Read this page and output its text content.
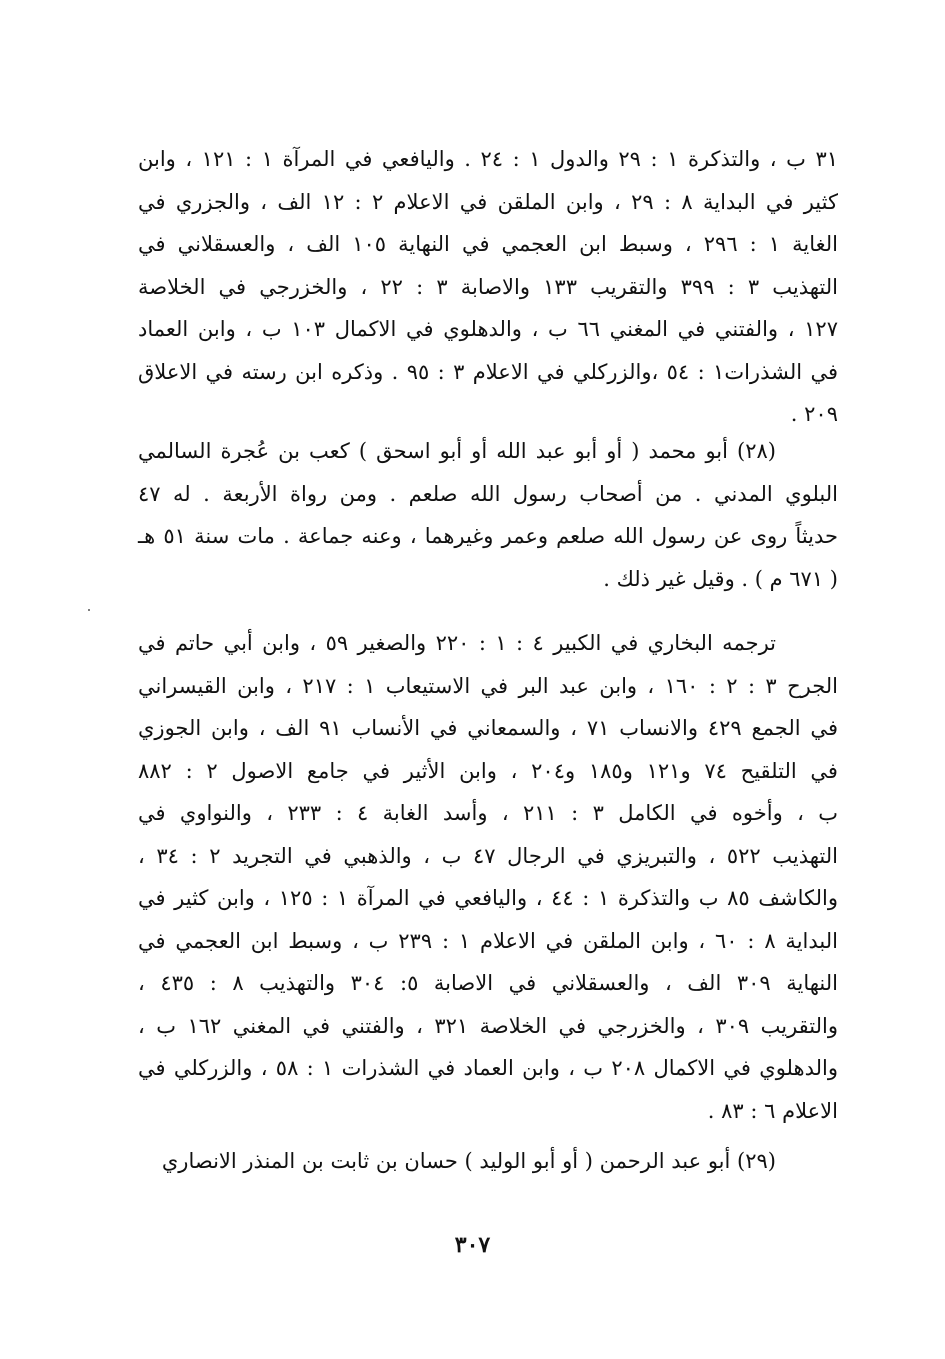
٣١ ب ، والتذكرة ١ : ٢٩ والدول ١ : ٢٤ . واليافعي في المرآة ١ : ١٢١ ، وابن
كثير في البداية ٨ : ٢٩ ، وابن الملقن في الاعلام ٢ : ١٢ الف ، والجزري في
الغاية ١ : ٢٩٦ ، وسبط ابن العجمي في النهاية ١٠٥ الف ، والعسقلاني في
التهذيب ٣ : ٣٩٩ والتقريب ١٣٣ والاصابة ٣ : ٢٢ ، والخزرجي في الخلاصة
١٢٧ ، والفتني في المغني ٦٦ ب ، والدهلوي في الاكمال ١٠٣ ب ، وابن العماد
في الشذرات١ : ٥٤ ،والزركلي في الاعلام ٣ : ٩٥ . وذكره ابن رسته في الاعلاق
٢٠٩ .
(٢٨) أبو محمد ( أو أبو عبد الله أو أبو اسحق ) كعب بن عُجرة السالمي
البلوي المدني . من أصحاب رسول الله صلعم . ومن رواة الأربعة . له ٤٧
حديثاً روى عن رسول الله صلعم وعمر وغيرهما ، وعنه جماعة . مات سنة ٥١ هـ
( ٦٧١ م ) . وقيل غير ذلك .
ترجمه البخاري في الكبير ٤ : ١ : ٢٢٠ والصغير ٥٩ ، وابن أبي حاتم في
الجرح ٣ : ٢ : ١٦٠ ، وابن عبد البر في الاستيعاب ١ : ٢١٧ ، وابن القيسراني
في الجمع ٤٢٩ والانساب ٧١ ، والسمعاني في الأنساب ٩١ الف ، وابن الجوزي
في التلقيح ٧٤ و١٢١ و١٨٥ و٢٠٤ ، وابن الأثير في جامع الاصول ٢ : ٨٨٢
ب ، وأخوه في الكامل ٣ : ٢١١ ، وأسد الغابة ٤ : ٢٣٣ ، والنواوي في
التهذيب ٥٢٢ ، والتبريزي في الرجال ٤٧ ب ، والذهبي في التجريد ٢ : ٣٤ ،
والكاشف ٨٥ ب والتذكرة ١ : ٤٤ ، واليافعي في المرآة ١ : ١٢٥ ، وابن كثير في
البداية ٨ : ٦٠ ، وابن الملقن في الاعلام ١ : ٢٣٩ ب ، وسبط ابن العجمي في
النهاية ٣٠٩ الف ، والعسقلاني في الاصابة ٥: ٣٠٤ والتهذيب ٨ : ٤٣٥ ،
والتقريب ٣٠٩ ، والخزرجي في الخلاصة ٣٢١ ، والفتني في المغني ١٦٢ ب ،
والدهلوي في الاكمال ٢٠٨ ب ، وابن العماد في الشذرات ١ : ٥٨ ، والزركلي في
الاعلام ٦ : ٨٣ .
(٢٩) أبو عبد الرحمن ( أو أبو الوليد ) حسان بن ثابت بن المنذر الانصاري
٣٠٧
